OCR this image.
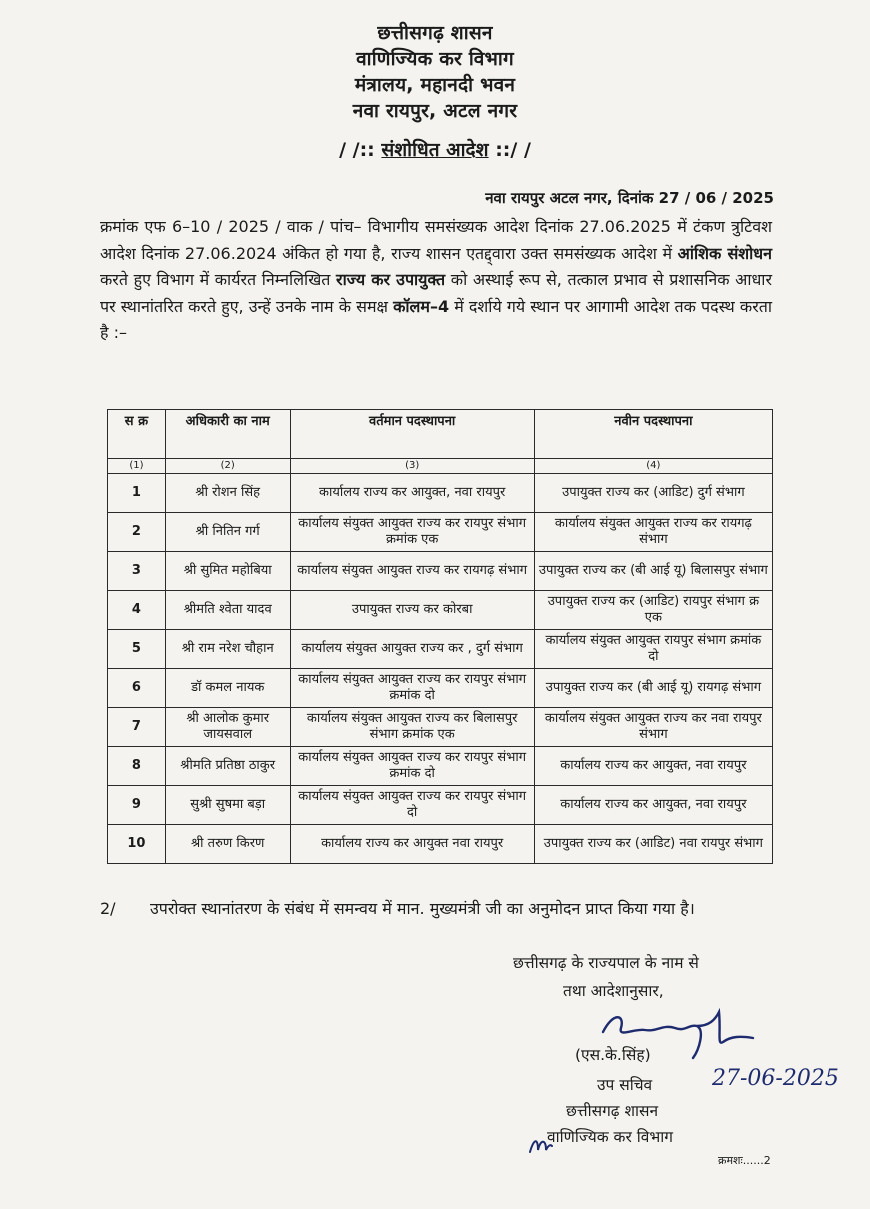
छत्तीसगढ़ शासन
वाणिज्यिक कर विभाग
मंत्रालय, महानदी भवन
नवा रायपुर, अटल नगर
/ /:: संशोधित आदेश ::/ /
नवा रायपुर अटल नगर, दिनांक 27 / 06 / 2025
क्रमांक एफ 6–10 / 2025 / वाक / पांच– विभागीय समसंख्यक आदेश दिनांक 27.06.2025 में टंकण त्रुटिवश आदेश दिनांक 27.06.2024 अंकित हो गया है, राज्य शासन एतद्द्वारा उक्त समसंख्यक आदेश में आंशिक संशोधन करते हुए विभाग में कार्यरत निम्नलिखित राज्य कर उपायुक्त को अस्थाई रूप से, तत्काल प्रभाव से प्रशासनिक आधार पर स्थानांतरित करते हुए, उन्हें उनके नाम के समक्ष कॉलम–4 में दर्शाये गये स्थान पर आगामी आदेश तक पदस्थ करता है :–
स क्र	अधिकारी का नाम	वर्तमान पदस्थापना	नवीन पदस्थापना
(1)	(2)	(3)	(4)
1	श्री रोशन सिंह	कार्यालय राज्य कर आयुक्त, नवा रायपुर	उपायुक्त राज्य कर (आडिट) दुर्ग संभाग
2	श्री नितिन गर्ग	कार्यालय संयुक्त आयुक्त राज्य कर रायपुर संभाग क्रमांक एक	कार्यालय संयुक्त आयुक्त राज्य कर रायगढ़ संभाग
3	श्री सुमित महोबिया	कार्यालय संयुक्त आयुक्त राज्य कर रायगढ़ संभाग	उपायुक्त राज्य कर (बी आई यू) बिलासपुर संभाग
4	श्रीमति श्वेता यादव	उपायुक्त राज्य कर कोरबा	उपायुक्त राज्य कर (आडिट) रायपुर संभाग क्र एक
5	श्री राम नरेश चौहान	कार्यालय संयुक्त आयुक्त राज्य कर , दुर्ग संभाग	कार्यालय संयुक्त आयुक्त रायपुर संभाग क्रमांक दो
6	डॉ कमल नायक	कार्यालय संयुक्त आयुक्त राज्य कर रायपुर संभाग क्रमांक दो	उपायुक्त राज्य कर (बी आई यू) रायगढ़ संभाग
7	श्री आलोक कुमार जायसवाल	कार्यालय संयुक्त आयुक्त राज्य कर बिलासपुर संभाग क्रमांक एक	कार्यालय संयुक्त आयुक्त राज्य कर नवा रायपुर संभाग
8	श्रीमति प्रतिष्ठा ठाकुर	कार्यालय संयुक्त आयुक्त राज्य कर रायपुर संभाग क्रमांक दो	कार्यालय राज्य कर आयुक्त, नवा रायपुर
9	सुश्री सुषमा बड़ा	कार्यालय संयुक्त आयुक्त राज्य कर रायपुर संभाग दो	कार्यालय राज्य कर आयुक्त, नवा रायपुर
10	श्री तरुण किरण	कार्यालय राज्य कर आयुक्त नवा रायपुर	उपायुक्त राज्य कर (आडिट) नवा रायपुर संभाग
2/ उपरोक्त स्थानांतरण के संबंध में समन्वय में मान. मुख्यमंत्री जी का अनुमोदन प्राप्त किया गया है।
छत्तीसगढ़ के राज्यपाल के नाम से
तथा आदेशानुसार,
(एस.के.सिंह)
27-06-2025
उप सचिव
छत्तीसगढ़ शासन
वाणिज्यिक कर विभाग
क्रमशः......2
